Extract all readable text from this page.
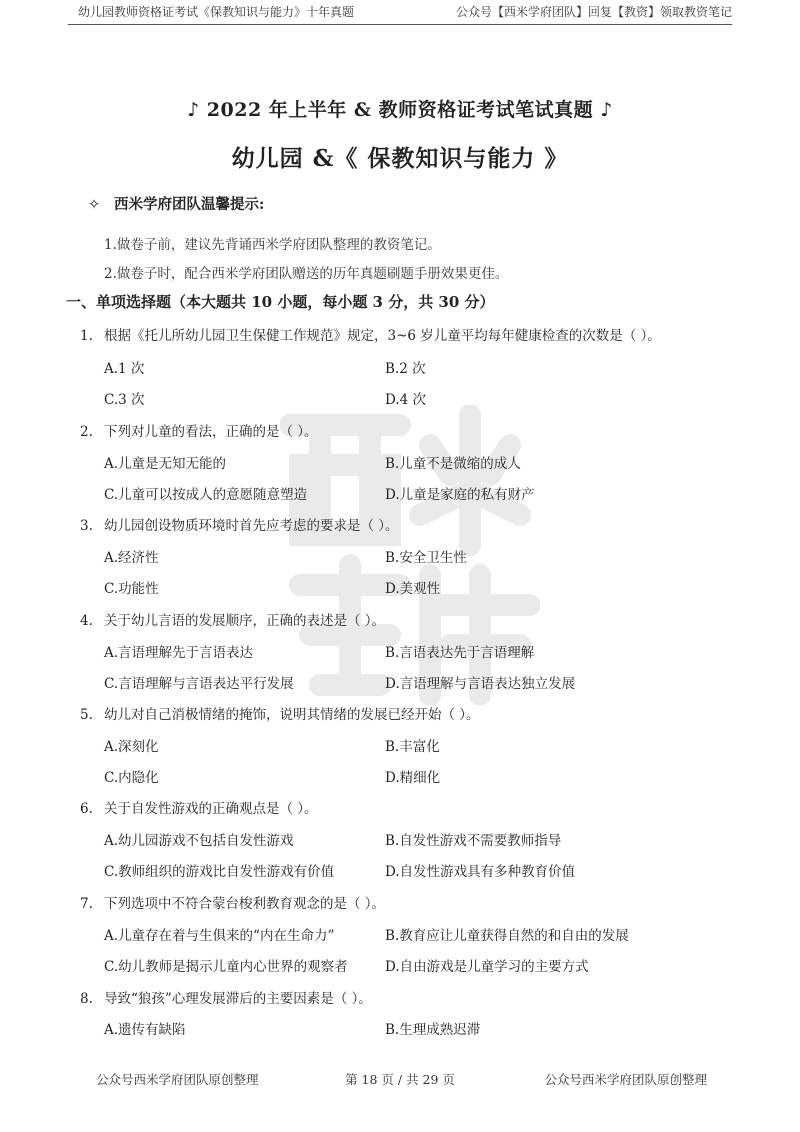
幼儿园教师资格证考试《保教知识与能力》十年真题	公众号【西米学府团队】回复【教资】领取教资笔记
♪ 2022 年上半年 & 教师资格证考试笔试真题 ♪
幼儿园 &《 保教知识与能力 》
✧ 西米学府团队温馨提示:
1.做卷子前，建议先背诵西米学府团队整理的教资笔记。
2.做卷子时，配合西米学府团队赠送的历年真题刷题手册效果更佳。
一、单项选择题（本大题共 10 小题，每小题 3 分，共 30 分）
1. 根据《托儿所幼儿园卫生保健工作规范》规定，3~6 岁儿童平均每年健康检查的次数是（ ）。
A.1 次	B.2 次
C.3 次	D.4 次
2. 下列对儿童的看法，正确的是（ ）。
A.儿童是无知无能的	B.儿童不是微缩的成人
C.儿童可以按成人的意愿随意塑造	D.儿童是家庭的私有财产
3. 幼儿园创设物质环境时首先应考虑的要求是（ ）。
A.经济性	B.安全卫生性
C.功能性	D.美观性
4. 关于幼儿言语的发展顺序，正确的表述是（ ）。
A.言语理解先于言语表达	B.言语表达先于言语理解
C.言语理解与言语表达平行发展	D.言语理解与言语表达独立发展
5. 幼儿对自己消极情绪的掩饰，说明其情绪的发展已经开始（ ）。
A.深刻化	B.丰富化
C.内隐化	D.精细化
6. 关于自发性游戏的正确观点是（ ）。
A.幼儿园游戏不包括自发性游戏	B.自发性游戏不需要教师指导
C.教师组织的游戏比自发性游戏有价值	D.自发性游戏具有多种教育价值
7. 下列选项中不符合蒙台梭利教育观念的是（ ）。
A.儿童存在着与生俱来的“内在生命力”	B.教育应让儿童获得自然的和自由的发展
C.幼儿教师是揭示儿童内心世界的观察者	D.自由游戏是儿童学习的主要方式
8. 导致“狼孩”心理发展滞后的主要因素是（ ）。
A.遗传有缺陷	B.生理成熟迟滞
公众号西米学府团队原创整理	第 18 页 / 共 29 页	公众号西米学府团队原创整理
